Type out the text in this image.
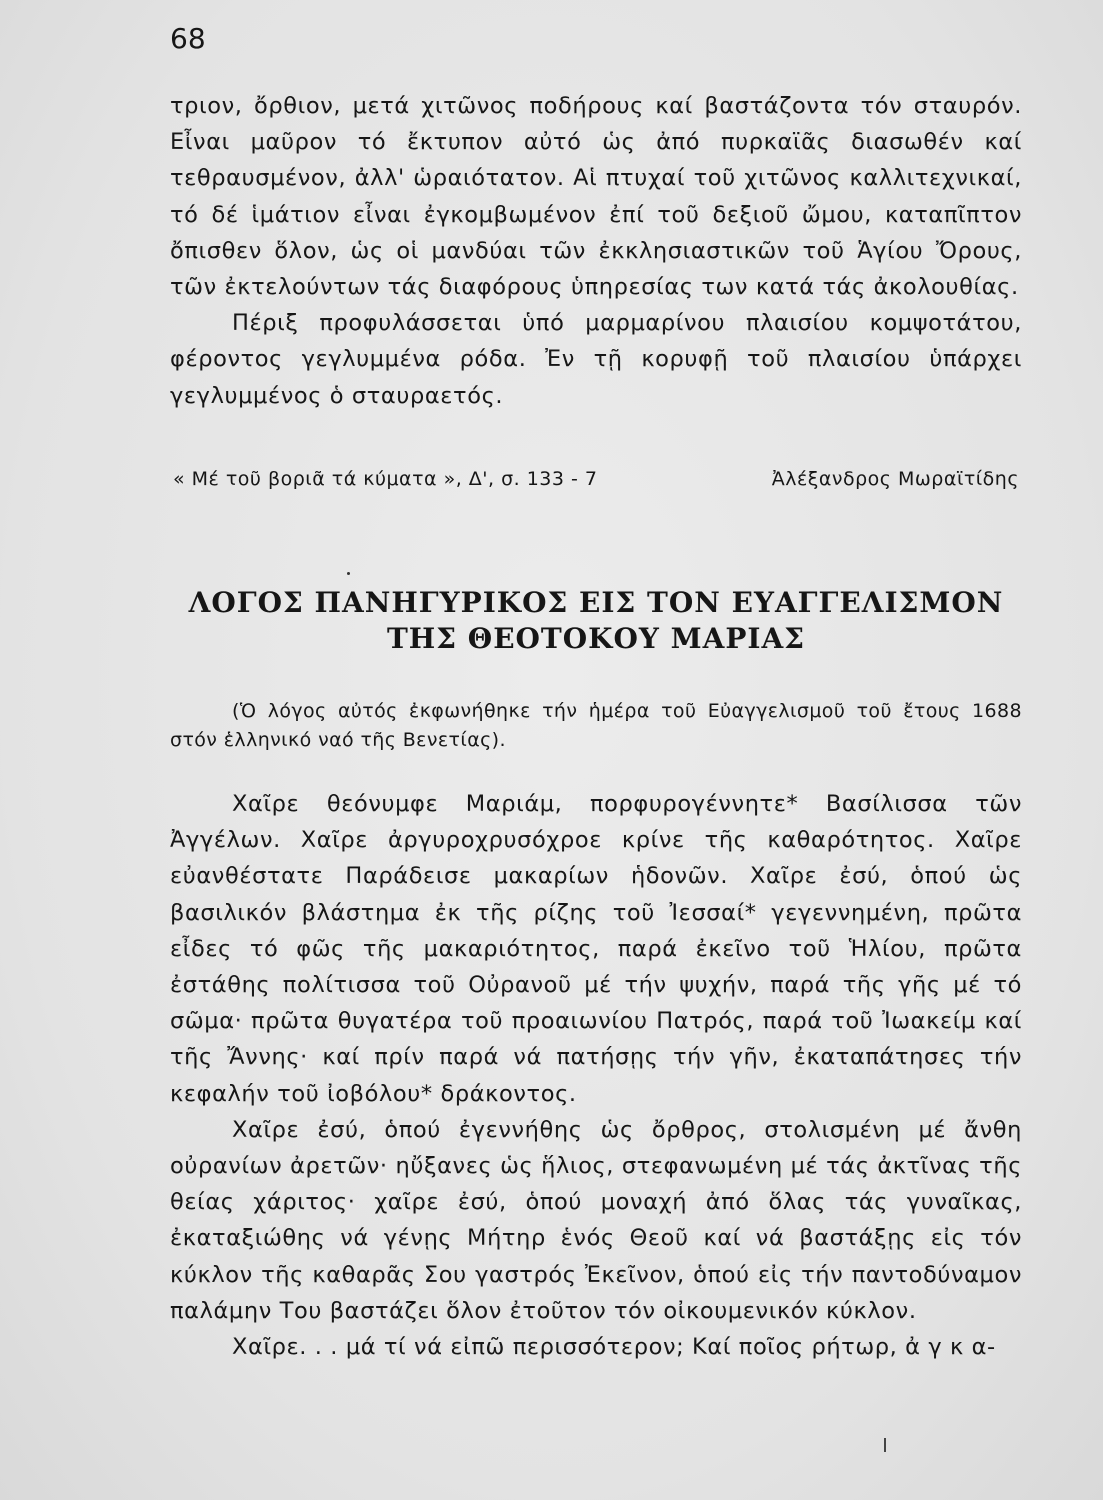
68

τριον, ὄρθιον, μετά χιτῶνος ποδήρους καί βαστάζοντα τόν σταυρόν. Εἶναι μαῦρον τό ἔκτυπον αὐτό ὡς ἀπό πυρκαϊᾶς διασωθέν καί τεθραυσμένον, ἀλλ' ὡραιότατον. Αἱ πτυχαί τοῦ χιτῶνος καλλιτεχνικαί, τό δέ ἱμάτιον εἶναι ἐγκομβωμένον ἐπί τοῦ δεξιοῦ ὤμου, καταπῖπτον ὄπισθεν ὅλον, ὡς οἱ μανδύαι τῶν ἐκκλησιαστικῶν τοῦ Ἁγίου Ὄρους, τῶν ἐκτελούντων τάς διαφόρους ὑπηρεσίας των κατά τάς ἀκολουθίας.

Πέριξ προφυλάσσεται ὑπό μαρμαρίνου πλαισίου κομψοτάτου, φέροντος γεγλυμμένα ρόδα. Ἐν τῇ κορυφῇ τοῦ πλαισίου ὑπάρχει γεγλυμμένος ὁ σταυραετός.

« Μέ τοῦ βοριᾶ τά κύματα », Δ', σ. 133 - 7	Ἀλέξανδρος Μωραϊτίδης
ΛΟΓΟΣ ΠΑΝΗΓΥΡΙΚΟΣ ΕΙΣ ΤΟΝ ΕΥΑΓΓΕΛΙΣΜΟΝ
ΤΗΣ ΘΕΟΤΟΚΟΥ ΜΑΡΙΑΣ

(Ὁ λόγος αὐτός ἐκφωνήθηκε τήν ἡμέρα τοῦ Εὐαγγελισμοῦ τοῦ ἔτους 1688 στόν ἑλληνικό ναό τῆς Βενετίας).

Χαῖρε θεόνυμφε Μαριάμ, πορφυρογέννητε* Βασίλισσα τῶν Ἀγγέλων. Χαῖρε ἀργυροχρυσόχροε κρίνε τῆς καθαρότητος. Χαῖρε εὐανθέστατε Παράδεισε μακαρίων ἡδονῶν. Χαῖρε ἐσύ, ὁπού ὡς βασιλικόν βλάστημα ἐκ τῆς ρίζης τοῦ Ἰεσσαί* γεγεννημένη, πρῶτα εἶδες τό φῶς τῆς μακαριότητος, παρά ἐκεῖνο τοῦ Ἡλίου, πρῶτα ἐστάθης πολίτισσα τοῦ Οὐρανοῦ μέ τήν ψυχήν, παρά τῆς γῆς μέ τό σῶμα· πρῶτα θυγατέρα τοῦ προαιωνίου Πατρός, παρά τοῦ Ἰωακείμ καί τῆς Ἄννης· καί πρίν παρά νά πατήσῃς τήν γῆν, ἐκαταπάτησες τήν κεφαλήν τοῦ ἰοβόλου* δράκοντος.

Χαῖρε ἐσύ, ὁπού ἐγεννήθης ὡς ὄρθρος, στολισμένη μέ ἄνθη οὐρανίων ἀρετῶν· ηὔξανες ὡς ἥλιος, στεφανωμένη μέ τάς ἀκτῖνας τῆς θείας χάριτος· χαῖρε ἐσύ, ὁπού μοναχή ἀπό ὅλας τάς γυναῖκας, ἐκαταξιώθης νά γένῃς Μήτηρ ἑνός Θεοῦ καί νά βαστάξῃς εἰς τόν κύκλον τῆς καθαρᾶς Σου γαστρός Ἐκεῖνον, ὁπού εἰς τήν παντοδύναμον παλάμην Του βαστάζει ὅλον ἐτοῦτον τόν οἰκουμενικόν κύκλον.

Χαῖρε. . . μά τί νά εἰπῶ περισσότερον; Καί ποῖος ρήτωρ, ἀ γ κ α-
